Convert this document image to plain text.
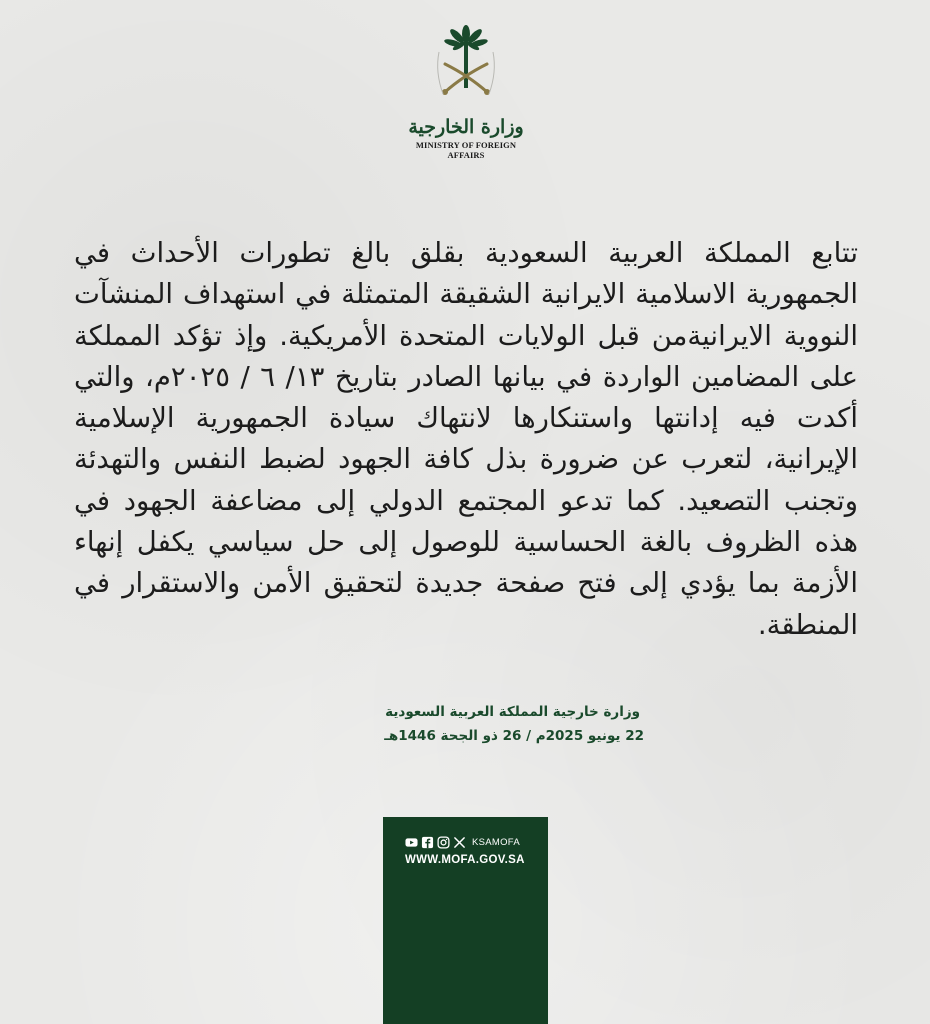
وزارة الخارجية
MINISTRY OF FOREIGN AFFAIRS

تتابع المملكة العربية السعودية بقلق بالغ تطورات الأحداث في الجمهورية الاسلامية الايرانية الشقيقة المتمثلة في استهداف المنشآت النووية الايرانيةمن قبل الولايات المتحدة الأمريكية. وإذ تؤكد المملكة على المضامين الواردة في بيانها الصادر بتاريخ ١٣/ ٦ / ٢٠٢٥م، والتي أكدت فيه إدانتها واستنكارها لانتهاك سيادة الجمهورية الإسلامية الإيرانية، لتعرب عن ضرورة بذل كافة الجهود لضبط النفس والتهدئة وتجنب التصعيد. كما تدعو المجتمع الدولي إلى مضاعفة الجهود في هذه الظروف بالغة الحساسية للوصول إلى حل سياسي يكفل إنهاء الأزمة بما يؤدي إلى فتح صفحة جديدة لتحقيق الأمن والاستقرار في المنطقة.

وزارة خارجية المملكة العربية السعودية
22 يونيو 2025م / 26 ذو الجحة 1446هـ
KSAMOFA
WWW.MOFA.GOV.SA
